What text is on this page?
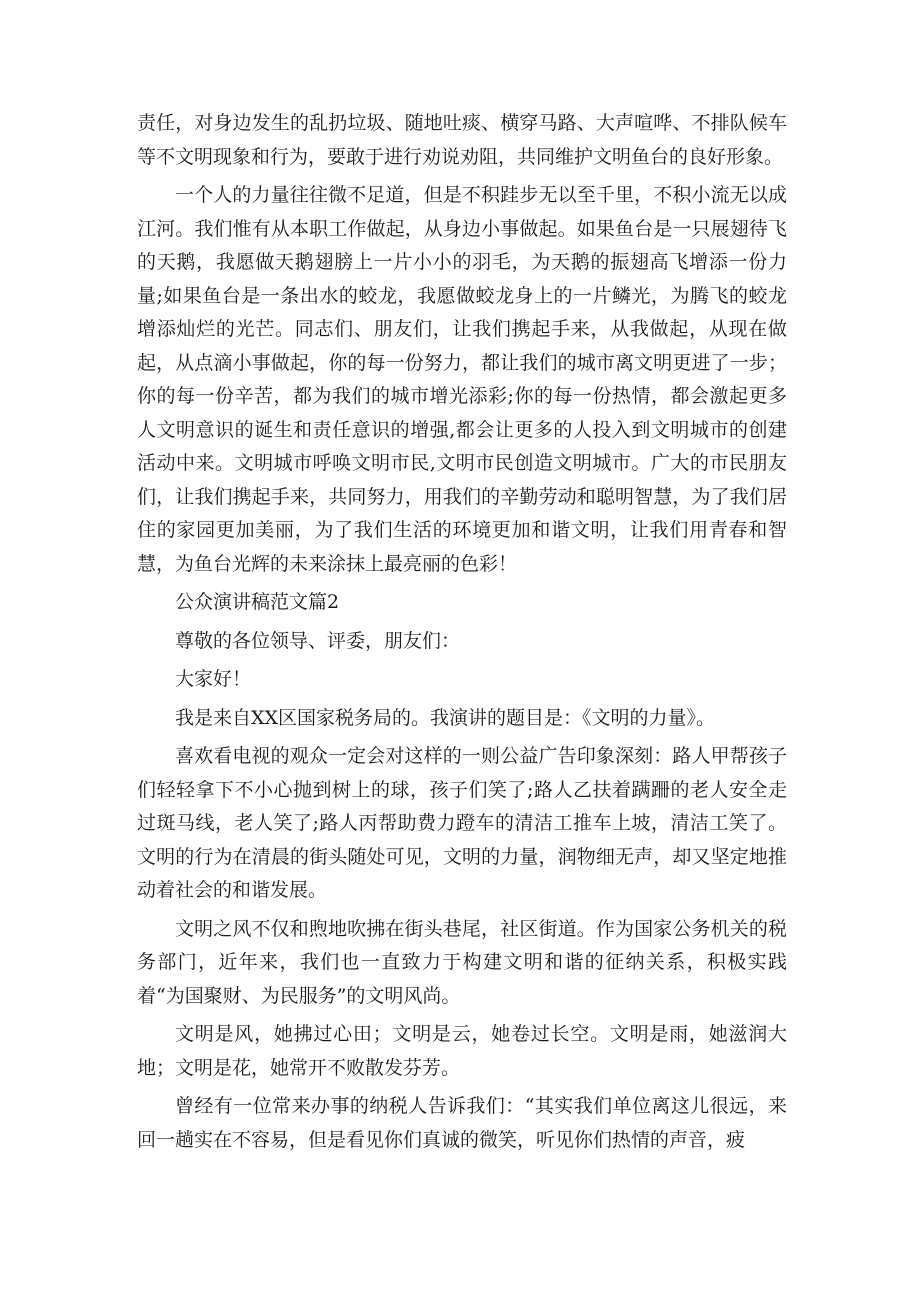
责任，对身边发生的乱扔垃圾、随地吐痰、横穿马路、大声喧哗、不排队候车等不文明现象和行为，要敢于进行劝说劝阻，共同维护文明鱼台的良好形象。

一个人的力量往往微不足道，但是不积跬步无以至千里，不积小流无以成江河。我们惟有从本职工作做起，从身边小事做起。如果鱼台是一只展翅待飞的天鹅，我愿做天鹅翅膀上一片小小的羽毛，为天鹅的振翅高飞增添一份力量;如果鱼台是一条出水的蛟龙，我愿做蛟龙身上的一片鳞光，为腾飞的蛟龙增添灿烂的光芒。同志们、朋友们，让我们携起手来，从我做起，从现在做起，从点滴小事做起，你的每一份努力，都让我们的城市离文明更进了一步；你的每一份辛苦，都为我们的城市增光添彩;你的每一份热情，都会激起更多人文明意识的诞生和责任意识的增强,都会让更多的人投入到文明城市的创建活动中来。文明城市呼唤文明市民,文明市民创造文明城市。广大的市民朋友们，让我们携起手来，共同努力，用我们的辛勤劳动和聪明智慧，为了我们居住的家园更加美丽，为了我们生活的环境更加和谐文明，让我们用青春和智慧，为鱼台光辉的未来涂抹上最亮丽的色彩！

公众演讲稿范文篇2

尊敬的各位领导、评委，朋友们：

大家好！

我是来自XX区国家税务局的。我演讲的题目是：《文明的力量》。

喜欢看电视的观众一定会对这样的一则公益广告印象深刻：路人甲帮孩子们轻轻拿下不小心抛到树上的球，孩子们笑了;路人乙扶着蹒跚的老人安全走过斑马线，老人笑了;路人丙帮助费力蹬车的清洁工推车上坡，清洁工笑了。文明的行为在清晨的街头随处可见，文明的力量，润物细无声，却又坚定地推动着社会的和谐发展。

文明之风不仅和煦地吹拂在街头巷尾，社区街道。作为国家公务机关的税务部门，近年来，我们也一直致力于构建文明和谐的征纳关系，积极实践着“为国聚财、为民服务”的文明风尚。

文明是风，她拂过心田；文明是云，她卷过长空。文明是雨，她滋润大地；文明是花，她常开不败散发芬芳。

曾经有一位常来办事的纳税人告诉我们：“其实我们单位离这儿很远，来回一趟实在不容易，但是看见你们真诚的微笑，听见你们热情的声音，疲
